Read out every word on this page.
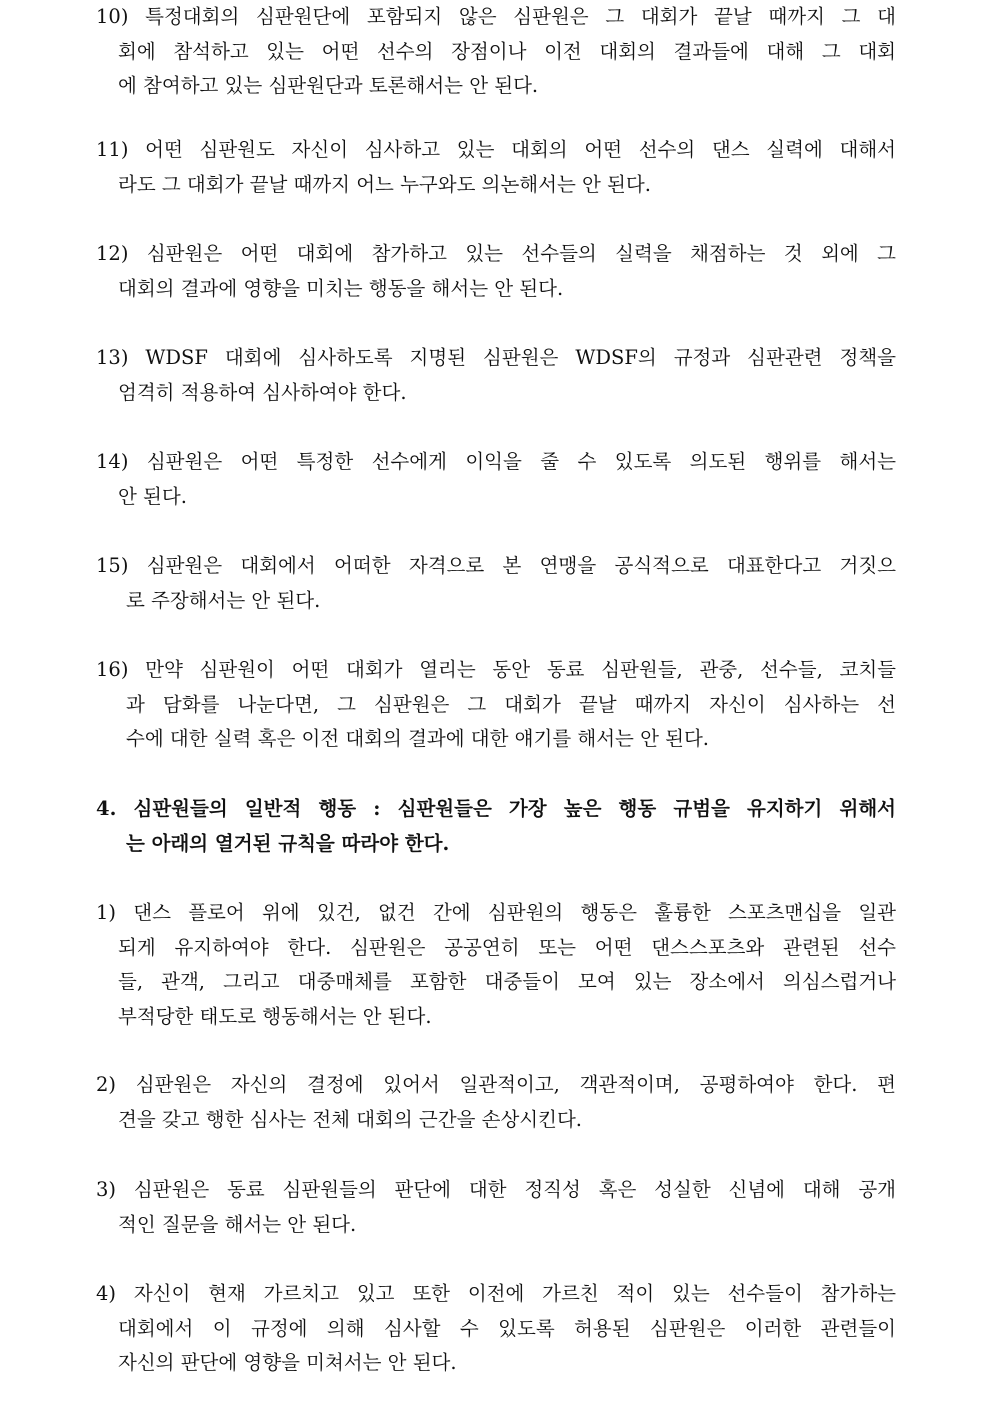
10) 특정대회의 심판원단에 포함되지 않은 심판원은 그 대회가 끝날 때까지 그 대
회에 참석하고 있는 어떤 선수의 장점이나 이전 대회의 결과들에 대해 그 대회
에 참여하고 있는 심판원단과 토론해서는 안 된다.
11) 어떤 심판원도 자신이 심사하고 있는 대회의 어떤 선수의 댄스 실력에 대해서
라도 그 대회가 끝날 때까지 어느 누구와도 의논해서는 안 된다.
12) 심판원은 어떤 대회에 참가하고 있는 선수들의 실력을 채점하는 것 외에 그
대회의 결과에 영향을 미치는 행동을 해서는 안 된다.
13) WDSF 대회에 심사하도록 지명된 심판원은 WDSF의 규정과 심판관련 정책을
엄격히 적용하여 심사하여야 한다.
14) 심판원은 어떤 특정한 선수에게 이익을 줄 수 있도록 의도된 행위를 해서는
안 된다.
15) 심판원은 대회에서 어떠한 자격으로 본 연맹을 공식적으로 대표한다고 거짓으
로 주장해서는 안 된다.
16) 만약 심판원이 어떤 대회가 열리는 동안 동료 심판원들, 관중, 선수들, 코치들
과 담화를 나눈다면, 그 심판원은 그 대회가 끝날 때까지 자신이 심사하는 선
수에 대한 실력 혹은 이전 대회의 결과에 대한 얘기를 해서는 안 된다.
4. 심판원들의 일반적 행동 : 심판원들은 가장 높은 행동 규범을 유지하기 위해서
는 아래의 열거된 규칙을 따라야 한다.
1) 댄스 플로어 위에 있건, 없건 간에 심판원의 행동은 훌륭한 스포츠맨십을 일관
되게 유지하여야 한다. 심판원은 공공연히 또는 어떤 댄스스포츠와 관련된 선수
들, 관객, 그리고 대중매체를 포함한 대중들이 모여 있는 장소에서 의심스럽거나
부적당한 태도로 행동해서는 안 된다.
2) 심판원은 자신의 결정에 있어서 일관적이고, 객관적이며, 공평하여야 한다. 편
견을 갖고 행한 심사는 전체 대회의 근간을 손상시킨다.
3) 심판원은 동료 심판원들의 판단에 대한 정직성 혹은 성실한 신념에 대해 공개
적인 질문을 해서는 안 된다.
4) 자신이 현재 가르치고 있고 또한 이전에 가르친 적이 있는 선수들이 참가하는
대회에서 이 규정에 의해 심사할 수 있도록 허용된 심판원은 이러한 관련들이
자신의 판단에 영향을 미쳐서는 안 된다.
